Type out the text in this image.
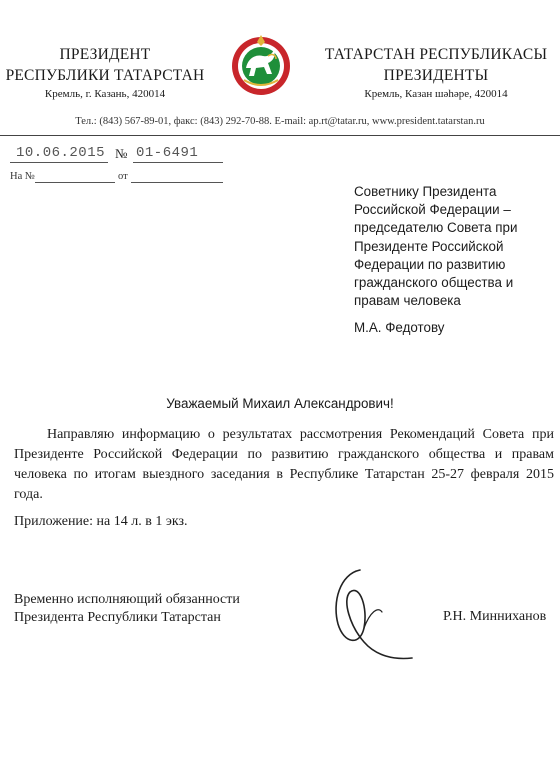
ПРЕЗИДЕНТ
РЕСПУБЛИКИ ТАТАРСТАН
Кремль, г. Казань, 420014
ТАТАРСТАН РЕСПУБЛИКАСЫ
ПРЕЗИДЕНТЫ
Кремль, Казан шәһәре, 420014
Тел.: (843) 567-89-01, факс: (843) 292-70-88. E-mail: ap.rt@tatar.ru, www.president.tatarstan.ru
10.06.2015 № 01-6491
На №	от
Советнику Президента
Российской Федерации –
председателю Совета при
Президенте Российской
Федерации по развитию
гражданского общества и
правам человека
М.А. Федотову
Уважаемый Михаил Александрович!
Направляю информацию о результатах рассмотрения Рекомендаций Совета при Президенте Российской Федерации по развитию гражданского общества и правам человека по итогам выездного заседания в Республике Татарстан 25-27 февраля 2015 года.
Приложение: на 14 л. в 1 экз.
Временно исполняющий обязанности
Президента Республики Татарстан	Р.Н. Минниханов
